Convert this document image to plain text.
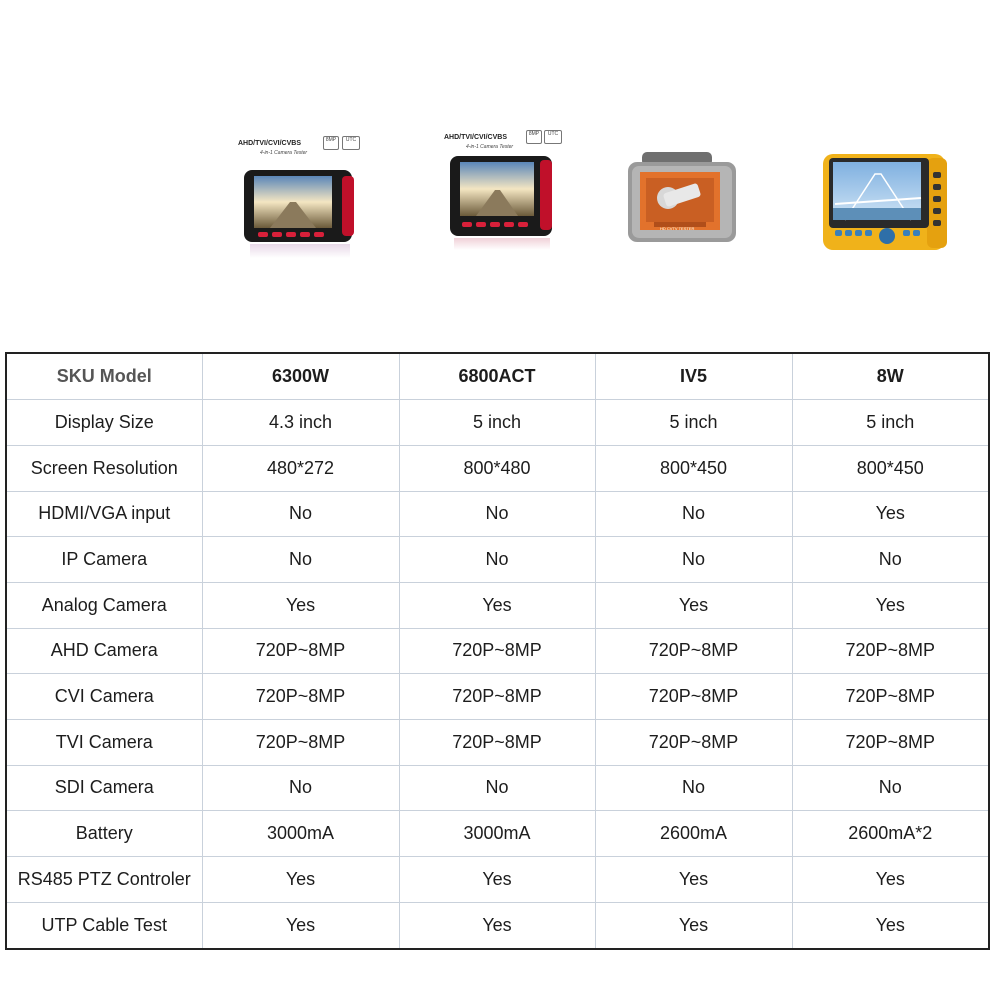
AHD/TVI/CVI/CVBS
4-in-1 Camera Tester
8MP	UTC	AHD/TVI/CVI/CVBS
4-in-1 Camera Tester
8MP	UTC
HD CVTV TESTER
SKU Model	6300W	6800ACT	IV5	8W
Display Size	4.3 inch	5 inch	5 inch	5 inch
Screen Resolution	480*272	800*480	800*450	800*450
HDMI/VGA input	No	No	No	Yes
IP Camera	No	No	No	No
Analog Camera	Yes	Yes	Yes	Yes
AHD Camera	720P~8MP	720P~8MP	720P~8MP	720P~8MP
CVI Camera	720P~8MP	720P~8MP	720P~8MP	720P~8MP
TVI Camera	720P~8MP	720P~8MP	720P~8MP	720P~8MP
SDI Camera	No	No	No	No
Battery	3000mA	3000mA	2600mA	2600mA*2
RS485 PTZ Controler	Yes	Yes	Yes	Yes
UTP Cable Test	Yes	Yes	Yes	Yes
